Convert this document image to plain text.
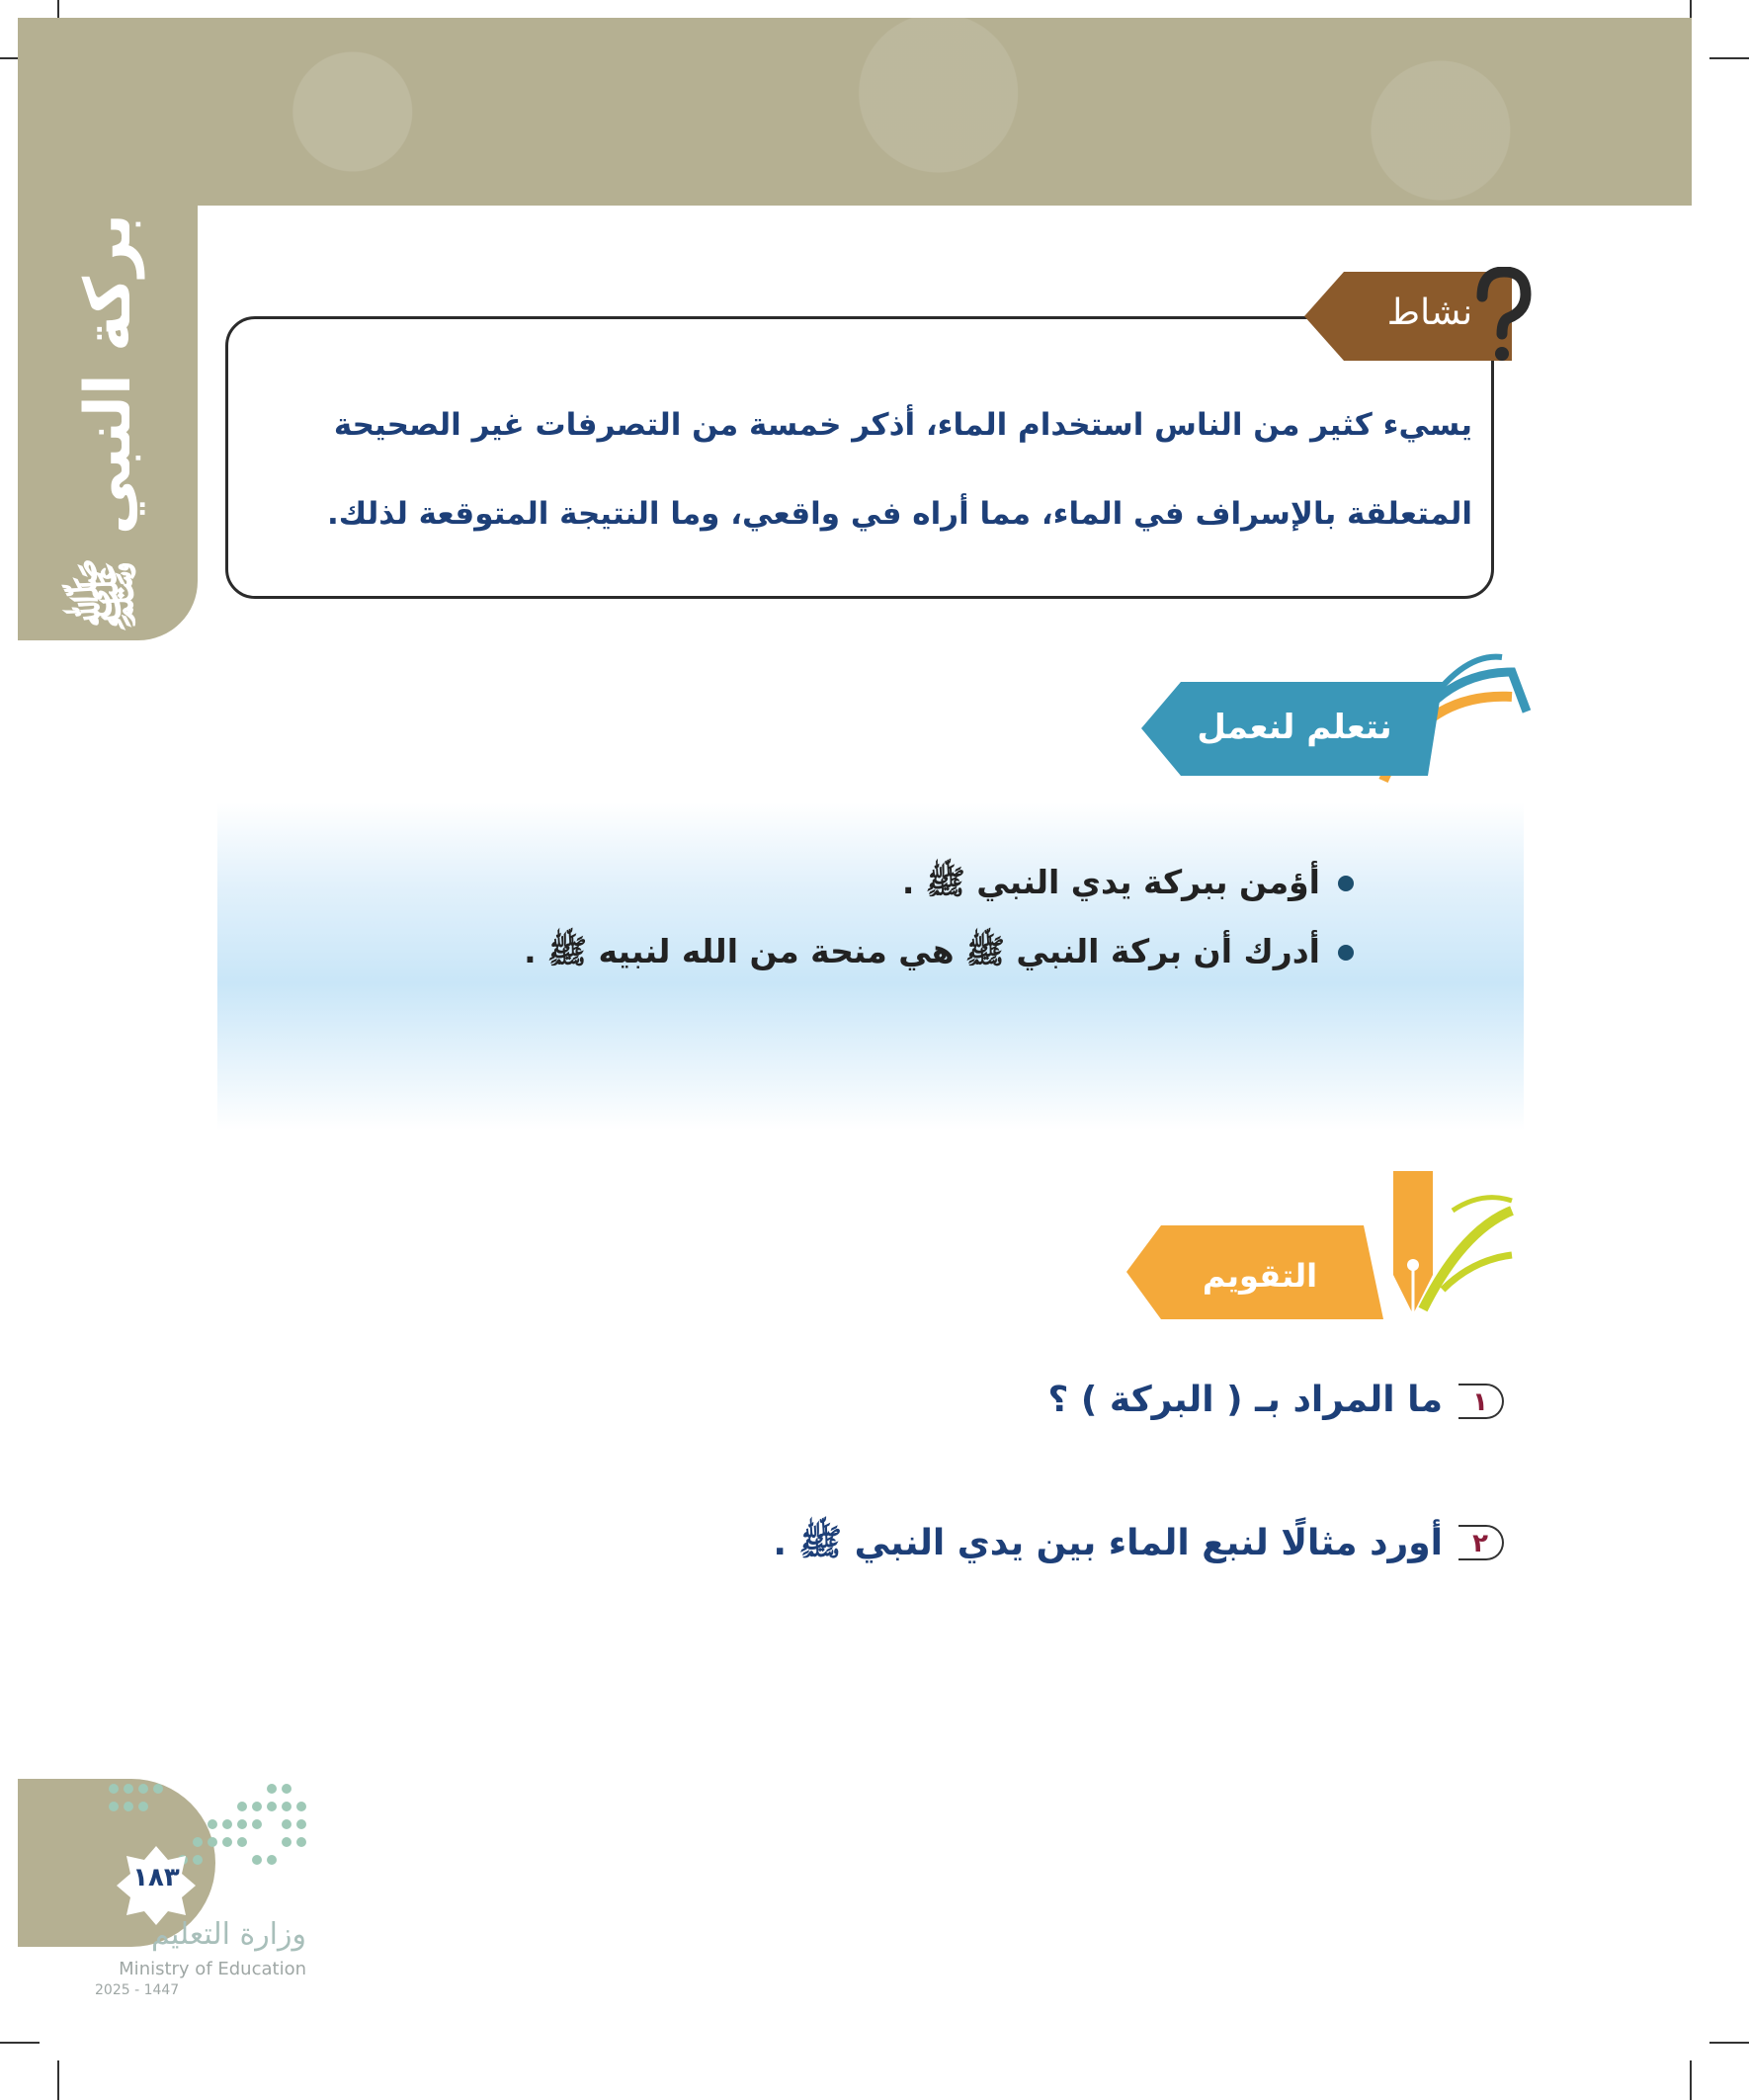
بركة النبي ﷺ	نشاط
يسيء كثير من الناس استخدام الماء، أذكر خمسة من التصرفات غير الصحيحة المتعلقة بالإسراف في الماء، مما أراه في واقعي، وما النتيجة المتوقعة لذلك.
نتعلم لنعمل
أؤمن ببركة يدي النبي ﷺ .
أدرك أن بركة النبي ﷺ هي منحة من الله لنبيه ﷺ .
التقويم
١
ما المراد بـ ( البركة ) ؟
٢
أورد مثالًا لنبع الماء بين يدي النبي ﷺ .
١٨٣
وزارة التعليم
Ministry of Education
2025 - 1447
